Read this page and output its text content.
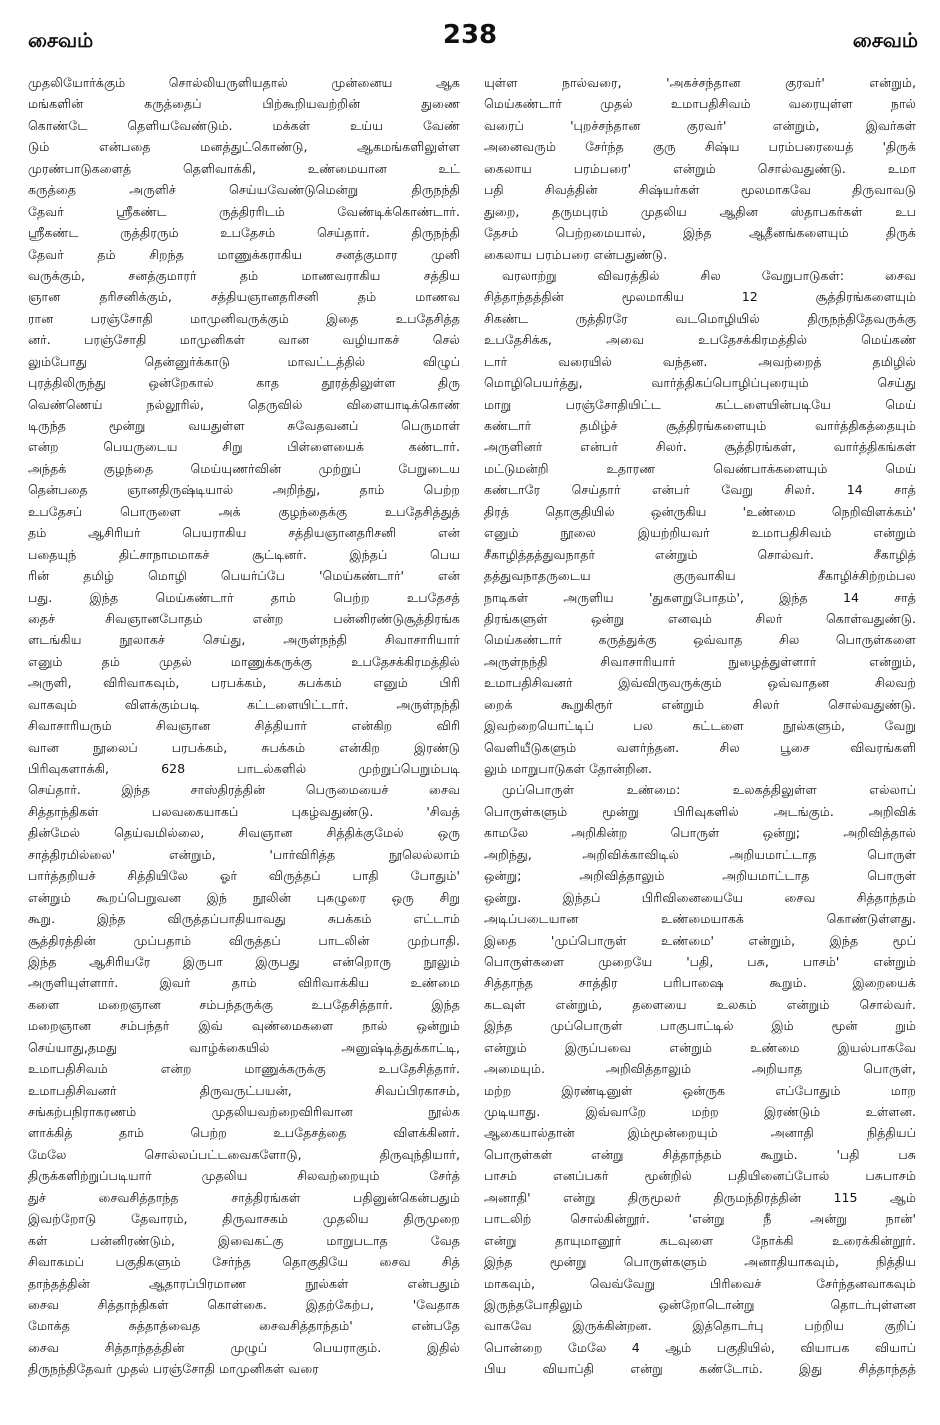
சைவம்	238	சைவம்
முதலியோர்க்கும் சொல்லியருளியதால் முன்னைய ஆக
மங்களின் கருத்தைப் பிற்கூறியவற்றின் துணை
கொண்டே தெளியவேண்டும். மக்கள் உய்ய வேண்
டும் என்பதை மனத்துட்கொண்டு, ஆகமங்களிலுள்ள
முரண்பாடுகளைத் தெளிவாக்கி, உண்மையான உட்
கருத்தை அருளிச் செய்யவேண்டுமென்று திருநந்தி
தேவர் ஸ்ரீகண்ட ருத்திரரிடம் வேண்டிக்கொண்டார்.
ஸ்ரீகண்ட ருத்திரரும் உபதேசம் செய்தார். திருநந்தி
தேவர் தம் சிறந்த மாணுக்கராகிய சனத்குமார முனி
வருக்கும், சனத்குமாரர் தம் மாணவராகிய சத்திய
ஞான தரிசனிக்கும், சத்தியஞானதரிசனி தம் மாணவ
ரான பரஞ்சோதி மாமுனிவருக்கும் இதை உபதேசித்த
னர். பரஞ்சோதி மாமுனிகள் வான வழியாகச் செல்
லும்போது தென்னுர்க்காடு மாவட்டத்தில் விழுப்
புரத்திலிருந்து ஒன்றேகால் காத தூரத்திலுள்ள திரு
வெண்ணெய் நல்லூரில், தெருவில் விளையாடிக்கொண்
டிருந்த மூன்று வயதுள்ள சுவேதவனப் பெருமாள்
என்ற பெயருடைய சிறு பிள்ளையைக் கண்டார்.
அந்தக் குழந்தை மெய்யுணர்வின் முற்றுப் பேறுடைய
தென்பதை ஞானதிருஷ்டியால் அறிந்து, தாம் பெற்ற
உபதேசப் பொருளை அக் குழந்தைக்கு உபதேசித்துத்
தம் ஆசிரியர் பெயராகிய சத்தியஞானதரிசனி என்
பதையுந் திட்சாநாமமாகச் சூட்டினர். இந்தப் பெய
ரின் தமிழ் மொழி பெயர்ப்பே 'மெய்கண்டார்' என்
பது. இந்த மெய்கண்டார் தாம் பெற்ற உபதேசத்
தைச் சிவஞானபோதம் என்ற பன்னிரண்டுசூத்திரங்க
ளடங்கிய நூலாகச் செய்து, அருள்நந்தி சிவாசாரியார்
எனும் தம் முதல் மாணுக்கருக்கு உபதேசக்கிரமத்தில்
அருளி, விரிவாகவும், பரபக்கம், சுபக்கம் எனும் பிரி
வாகவும் விளக்கும்படி கட்டளையிட்டார். அருள்நந்தி
சிவாசாரியரும் சிவஞான சித்தியார் என்கிற விரி
வான நூலைப் பரபக்கம், சுபக்கம் என்கிற இரண்டு
பிரிவுகளாக்கி, 628 பாடல்களில் முற்றுப்பெறும்படி
செய்தார். இந்த சாஸ்திரத்தின் பெருமையைச் சைவ
சித்தாந்திகள் பலவகையாகப் புகழ்வதுண்டு. 'சிவத்
தின்மேல் தெய்வமில்லை, சிவஞான சித்திக்குமேல் ஒரு
சாத்திரமில்லை' என்றும், 'பார்விரித்த நூலெல்லாம்
பார்த்தறியச் சித்தியிலே ஓர் விருத்தப் பாதி போதும்'
என்றும் கூறப்பெறுவன இந் நூலின் புகழுரை ஒரு சிறு
கூறு. இந்த விருத்தப்பாதியாவது சுபக்கம் எட்டாம்
சூத்திரத்தின் முப்பதாம் விருத்தப் பாடலின் முற்பாதி.
இந்த ஆசிரியரே இருபா இருபது என்றொரு நூலும்
அருளியுள்ளார். இவர் தாம் விரிவாக்கிய உண்மை
களை மறைஞான சம்பந்தருக்கு உபதேசித்தார். இந்த
மறைஞான சம்பந்தர் இவ் வுண்மைகளை நால் ஒன்றும்
செய்யாது,தமது வாழ்க்கையில் அனுஷ்டித்துக்காட்டி,
உமாபதிசிவம் என்ற மாணுக்கருக்கு உபதேசித்தார்.
உமாபதிசிவனர் திருவருட்பயன், சிவப்பிரகாசம்,
சங்கற்பநிராகரணம் முதலியவற்றைவிரிவான நூல்க
ளாக்கித் தாம் பெற்ற உபதேசத்தை விளக்கினர்.
மேலே சொல்லப்பட்டவைகளோடு, திருவுந்தியார்,
திருக்களிற்றுப்படியார் முதலிய சிலவற்றையும் சேர்த்
துச் சைவசித்தாந்த சாத்திரங்கள் பதினுன்கென்பதும்
இவற்றோடு தேவாரம், திருவாசகம் முதலிய திருமுறை
கள் பன்னிரண்டும், இவைகட்கு மாறுபடாத வேத
சிவாகமப் பகுதிகளும் சேர்ந்த தொகுதியே சைவ சித்
தாந்தத்தின் ஆதாரப்பிரமாண நூல்கள் என்பதும்
சைவ சித்தாந்திகள் கொள்கை. இதற்கேற்ப, 'வேதாக
மோக்த சுத்தாத்வைத சைவசித்தாந்தம்' என்பதே
சைவ சித்தாந்தத்தின் முழுப் பெயராகும். இதில்
திருநந்திதேவர் முதல் பரஞ்சோதி மாமுனிகள் வரை
யுள்ள நால்வரை, 'அகச்சந்தான குரவர்' என்றும்,
மெய்கண்டார் முதல் உமாபதிசிவம் வரையுள்ள நால்
வரைப் 'புறச்சந்தான குரவர்' என்றும், இவர்கள்
அனைவரும் சேர்ந்த குரு சிஷ்ய பரம்பரையைத் 'திருக்
கைலாய பரம்பரை' என்றும் சொல்வதுண்டு. உமா
பதி சிவத்தின் சிஷ்யர்கள் மூலமாகவே திருவாவடு
துறை, தருமபுரம் முதலிய ஆதின ஸ்தாபகர்கள் உப
தேசம் பெற்றமையால், இந்த ஆதீனங்களையும் திருக்
கைலாய பரம்பரை என்பதுண்டு.
வரலாற்று விவரத்தில் சில வேறுபாடுகள்: சைவ
சித்தாந்தத்தின் மூலமாகிய 12 சூத்திரங்களையும்
சிகண்ட ருத்திரரே வடமொழியில் திருநந்திதேவருக்கு
உபதேசிக்க, அவை உபதேசக்கிரமத்தில் மெய்கண்
டார் வரையில் வந்தன. அவற்றைத் தமிழில்
மொழிபெயர்த்து, வார்த்திகப்பொழிப்புரையும் செய்து
மாறு பரஞ்சோதியிட்ட கட்டளையின்படியே மெய்
கண்டார் தமிழ்ச் சூத்திரங்களையும் வார்த்திகத்தையும்
அருளினர் என்பர் சிலர். சூத்திரங்கள், வார்த்திகங்கள்
மட்டுமன்றி உதாரண வெண்பாக்களையும் மெய்
கண்டாரே செய்தார் என்பர் வேறு சிலர். 14 சாத்
திரத் தொகுதியில் ஒன்ருகிய 'உண்மை நெறிவிளக்கம்'
எனும் நூலை இயற்றியவர் உமாபதிசிவம் என்றும்
சீகாழித்தத்துவநாதர் என்றும் சொல்வர். சீகாழித்
தத்துவநாதருடைய குருவாகிய சீகாழிச்சிற்றம்பல
நாடிகள் அருளிய 'துகளறுபோதம்', இந்த 14 சாத்
திரங்களுள் ஒன்று எனவும் சிலர் கொள்வதுண்டு.
மெய்கண்டார் கருத்துக்கு ஒவ்வாத சில பொருள்களை
அருள்நந்தி சிவாசாரியார் நுழைத்துள்ளார் என்றும்,
உமாபதிசிவனர் இவ்விருவருக்கும் ஒவ்வாதன சிலவற்
றைக் கூறுகிரூர் என்றும் சிலர் சொல்வதுண்டு.
இவற்றையொட்டிப் பல கட்டளை நூல்களும், வேறு
வெளியீடுகளும் வளர்ந்தன. சில பூசை விவரங்களி
லும் மாறுபாடுகள் தோன்றின.
முப்பொருள் உண்மை: உலகத்திலுள்ள எல்லாப்
பொருள்களும் மூன்று பிரிவுகளில் அடங்கும். அறிவிக்
காமலே அறிகின்ற பொருள் ஒன்று; அறிவித்தால்
அறிந்து, அறிவிக்காவிடில் அறியமாட்டாத பொருள்
ஒன்று; அறிவித்தாலும் அறியமாட்டாத பொருள்
ஒன்று. இந்தப் பிரிவினையையே சைவ சித்தாந்தம்
அடிப்படையான உண்மையாகக் கொண்டுள்ளது.
இதை 'முப்பொருள் உண்மை' என்றும், இந்த மூப்
பொருள்களை முறையே 'பதி, பசு, பாசம்' என்றும்
சித்தாந்த சாத்திர பரிபாஷை கூறும். இறையைக்
கடவுள் என்றும், தளையை உலகம் என்றும் சொல்வர்.
இந்த முப்பொருள் பாகுபாட்டில் இம் மூன் றும்
என்றும் இருப்பவை என்றும் உண்மை இயல்பாகவே
அமையும். அறிவித்தாலும் அறியாத பொருள்,
மற்ற இரண்டினுள் ஒன்ருக எப்போதும் மாற
முடியாது. இவ்வாறே மற்ற இரண்டும் உள்ளன.
ஆகையால்தான் இம்மூன்றையும் அனாதி நித்தியப்
பொருள்கள் என்று சித்தாந்தம் கூறும். 'பதி பசு
பாசம் எனப்பகர் மூன்றில் பதியினைப்போல் பசுபாசம்
அனாதி' என்று திருமூலர் திருமந்திரத்தின் 115 ஆம்
பாடலிற் சொல்கின்றூர். 'என்று நீ அன்று நான்'
என்று தாயுமானூர் கடவுளை நோக்கி உரைக்கின்றூர்.
இந்த மூன்று பொருள்களும் அனாதியாகவும், நித்திய
மாகவும், வெவ்வேறு பிரிவைச் சேர்ந்தனவாகவும்
இருந்தபோதிலும் ஒன்றோடொன்று தொடர்புள்ளன
வாகவே இருக்கின்றன. இத்தொடர்பு பற்றிய குறிப்
பொன்றை மேலே 4 ஆம் பகுதியில், வியாபக வியாப்
பிய வியாப்தி என்று கண்டோம். இது சித்தாந்தத்
